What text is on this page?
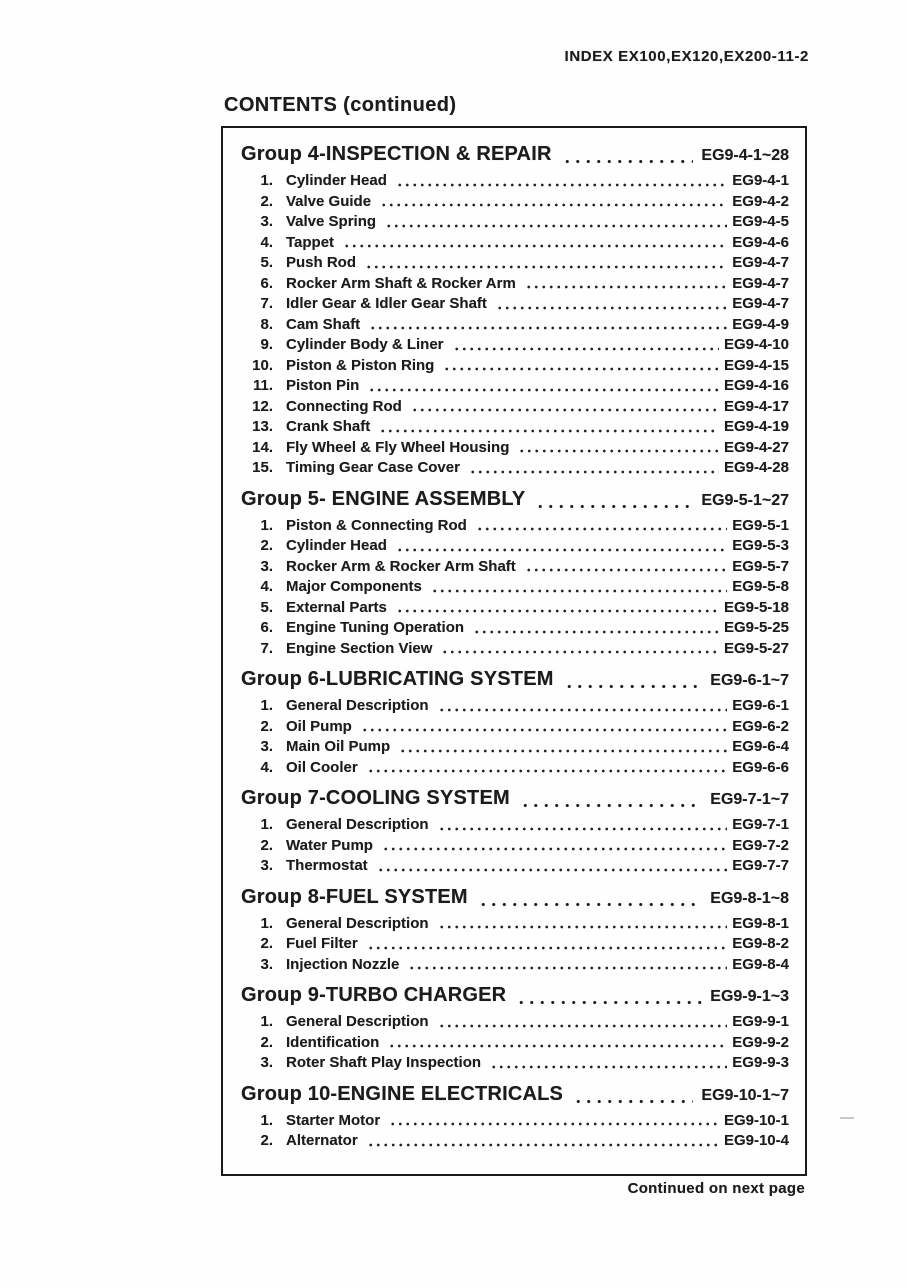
INDEX EX100,EX120,EX200-11-2
CONTENTS (continued)
Group 4-INSPECTION & REPAIR	EG9-4-1~28
1. Cylinder Head	EG9-4-1
2. Valve Guide	EG9-4-2
3. Valve Spring	EG9-4-5
4. Tappet	EG9-4-6
5. Push Rod	EG9-4-7
6. Rocker Arm Shaft & Rocker Arm	EG9-4-7
7. Idler Gear & Idler Gear Shaft	EG9-4-7
8. Cam Shaft	EG9-4-9
9. Cylinder Body & Liner	EG9-4-10
10. Piston & Piston Ring	EG9-4-15
11. Piston Pin	EG9-4-16
12. Connecting Rod	EG9-4-17
13. Crank Shaft	EG9-4-19
14. Fly Wheel & Fly Wheel Housing	EG9-4-27
15. Timing Gear Case Cover	EG9-4-28
Group 5- ENGINE ASSEMBLY	EG9-5-1~27
1. Piston & Connecting Rod	EG9-5-1
2. Cylinder Head	EG9-5-3
3. Rocker Arm & Rocker Arm Shaft	EG9-5-7
4. Major Components	EG9-5-8
5. External Parts	EG9-5-18
6. Engine Tuning Operation	EG9-5-25
7. Engine Section View	EG9-5-27
Group 6-LUBRICATING SYSTEM	EG9-6-1~7
1. General Description	EG9-6-1
2. Oil Pump	EG9-6-2
3. Main Oil Pump	EG9-6-4
4. Oil Cooler	EG9-6-6
Group 7-COOLING SYSTEM	EG9-7-1~7
1. General Description	EG9-7-1
2. Water Pump	EG9-7-2
3. Thermostat	EG9-7-7
Group 8-FUEL SYSTEM	EG9-8-1~8
1. General Description	EG9-8-1
2. Fuel Filter	EG9-8-2
3. Injection Nozzle	EG9-8-4
Group 9-TURBO CHARGER	EG9-9-1~3
1. General Description	EG9-9-1
2. Identification	EG9-9-2
3. Roter Shaft Play Inspection	EG9-9-3
Group 10-ENGINE ELECTRICALS	EG9-10-1~7
1. Starter Motor	EG9-10-1
2. Alternator	EG9-10-4
Continued on next page
